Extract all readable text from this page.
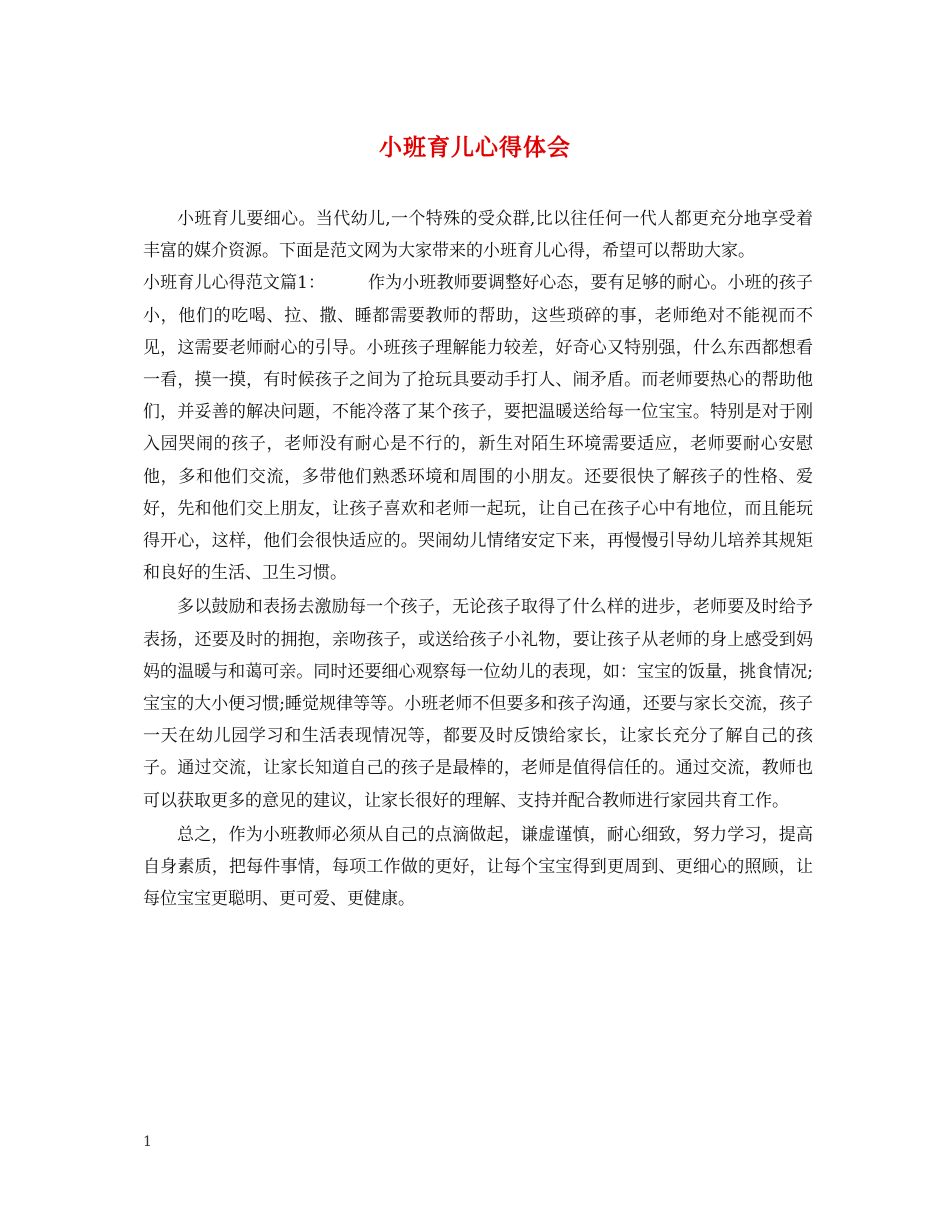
小班育儿心得体会

小班育儿要细心。当代幼儿,一个特殊的受众群,比以往任何一代人都更充分地享受着丰富的媒介资源。下面是范文网为大家带来的小班育儿心得，希望可以帮助大家。

小班育儿心得范文篇1：　　　作为小班教师要调整好心态，要有足够的耐心。小班的孩子小，他们的吃喝、拉、撒、睡都需要教师的帮助，这些琐碎的事，老师绝对不能视而不见，这需要老师耐心的引导。小班孩子理解能力较差，好奇心又特别强，什么东西都想看一看，摸一摸，有时候孩子之间为了抢玩具要动手打人、闹矛盾。而老师要热心的帮助他们，并妥善的解决问题，不能冷落了某个孩子，要把温暖送给每一位宝宝。特别是对于刚入园哭闹的孩子，老师没有耐心是不行的，新生对陌生环境需要适应，老师要耐心安慰他，多和他们交流，多带他们熟悉环境和周围的小朋友。还要很快了解孩子的性格、爱好，先和他们交上朋友，让孩子喜欢和老师一起玩，让自己在孩子心中有地位，而且能玩得开心，这样，他们会很快适应的。哭闹幼儿情绪安定下来，再慢慢引导幼儿培养其规矩和良好的生活、卫生习惯。

多以鼓励和表扬去激励每一个孩子，无论孩子取得了什么样的进步，老师要及时给予表扬，还要及时的拥抱，亲吻孩子，或送给孩子小礼物，要让孩子从老师的身上感受到妈妈的温暖与和蔼可亲。同时还要细心观察每一位幼儿的表现，如：宝宝的饭量，挑食情况;宝宝的大小便习惯;睡觉规律等等。小班老师不但要多和孩子沟通，还要与家长交流，孩子一天在幼儿园学习和生活表现情况等，都要及时反馈给家长，让家长充分了解自己的孩子。通过交流，让家长知道自己的孩子是最棒的，老师是值得信任的。通过交流，教师也可以获取更多的意见的建议，让家长很好的理解、支持并配合教师进行家园共育工作。

总之，作为小班教师必须从自己的点滴做起，谦虚谨慎，耐心细致，努力学习，提高自身素质，把每件事情，每项工作做的更好，让每个宝宝得到更周到、更细心的照顾，让每位宝宝更聪明、更可爱、更健康。

1
